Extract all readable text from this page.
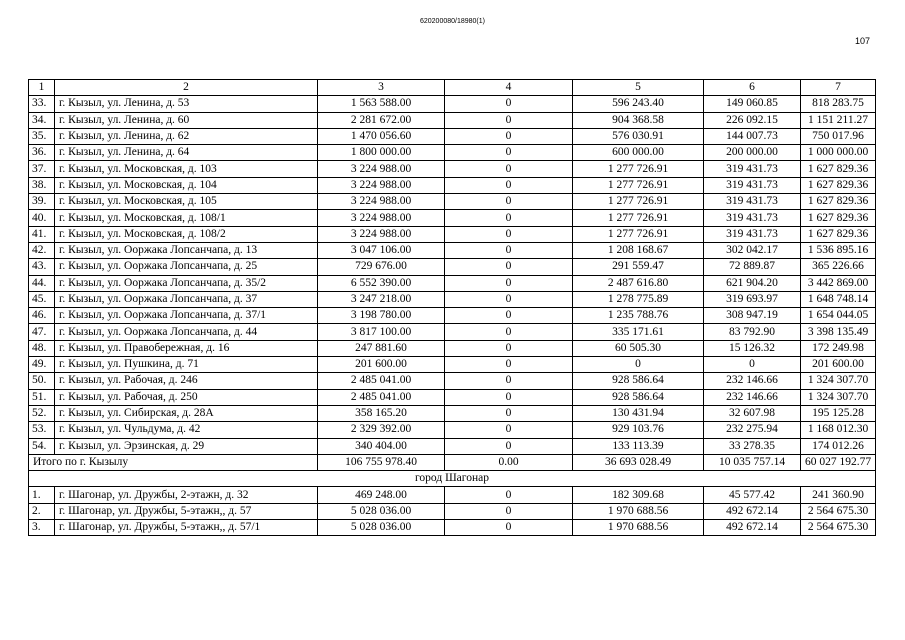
620200080/18980(1)
107
1	2	3	4	5	6	7
33.	г. Кызыл, ул. Ленина, д. 53	1 563 588.00	0	596 243.40	149 060.85	818 283.75
34.	г. Кызыл, ул. Ленина, д. 60	2 281 672.00	0	904 368.58	226 092.15	1 151 211.27
35.	г. Кызыл, ул. Ленина, д. 62	1 470 056.60	0	576 030.91	144 007.73	750 017.96
36.	г. Кызыл, ул. Ленина, д. 64	1 800 000.00	0	600 000.00	200 000.00	1 000 000.00
37.	г. Кызыл, ул. Московская, д. 103	3 224 988.00	0	1 277 726.91	319 431.73	1 627 829.36
38.	г. Кызыл, ул. Московская, д. 104	3 224 988.00	0	1 277 726.91	319 431.73	1 627 829.36
39.	г. Кызыл, ул. Московская, д. 105	3 224 988.00	0	1 277 726.91	319 431.73	1 627 829.36
40.	г. Кызыл, ул. Московская, д. 108/1	3 224 988.00	0	1 277 726.91	319 431.73	1 627 829.36
41.	г. Кызыл, ул. Московская, д. 108/2	3 224 988.00	0	1 277 726.91	319 431.73	1 627 829.36
42.	г. Кызыл, ул. Ооржака Лопсанчапа, д. 13	3 047 106.00	0	1 208 168.67	302 042.17	1 536 895.16
43.	г. Кызыл, ул. Ооржака Лопсанчапа, д. 25	729 676.00	0	291 559.47	72 889.87	365 226.66
44.	г. Кызыл, ул. Ооржака Лопсанчапа, д. 35/2	6 552 390.00	0	2 487 616.80	621 904.20	3 442 869.00
45.	г. Кызыл, ул. Ооржака Лопсанчапа, д. 37	3 247 218.00	0	1 278 775.89	319 693.97	1 648 748.14
46.	г. Кызыл, ул. Ооржака Лопсанчапа, д. 37/1	3 198 780.00	0	1 235 788.76	308 947.19	1 654 044.05
47.	г. Кызыл, ул. Ооржака Лопсанчапа, д. 44	3 817 100.00	0	335 171.61	83 792.90	3 398 135.49
48.	г. Кызыл, ул. Правобережная, д. 16	247 881.60	0	60 505.30	15 126.32	172 249.98
49.	г. Кызыл, ул. Пушкина, д. 71	201 600.00	0	0	0	201 600.00
50.	г. Кызыл, ул. Рабочая, д. 246	2 485 041.00	0	928 586.64	232 146.66	1 324 307.70
51.	г. Кызыл, ул. Рабочая, д. 250	2 485 041.00	0	928 586.64	232 146.66	1 324 307.70
52.	г. Кызыл, ул. Сибирская, д. 28А	358 165.20	0	130 431.94	32 607.98	195 125.28
53.	г. Кызыл, ул. Чульдума, д. 42	2 329 392.00	0	929 103.76	232 275.94	1 168 012.30
54.	г. Кызыл, ул. Эрзинская, д. 29	340 404.00	0	133 113.39	33 278.35	174 012.26
Итого по г. Кызылу		106 755 978.40	0.00	36 693 028.49	10 035 757.14	60 027 192.77
город Шагонар						
1.	г. Шагонар, ул. Дружбы, 2-этажн, д. 32	469 248.00	0	182 309.68	45 577.42	241 360.90
2.	г. Шагонар, ул. Дружбы, 5-этажн,, д. 57	5 028 036.00	0	1 970 688.56	492 672.14	2 564 675.30
3.	г. Шагонар, ул. Дружбы, 5-этажн,, д. 57/1	5 028 036.00	0	1 970 688.56	492 672.14	2 564 675.30
